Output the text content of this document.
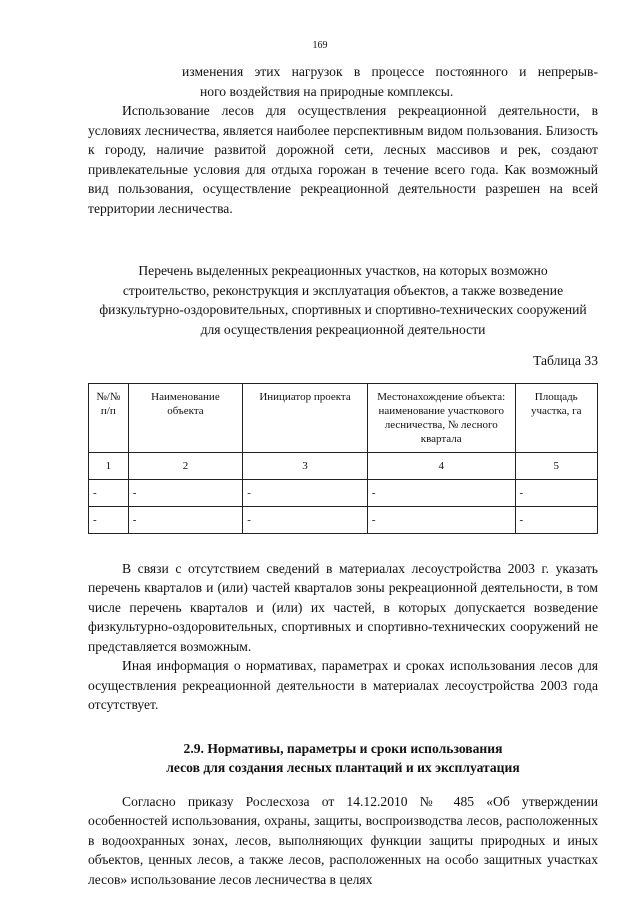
169

изменения этих нагрузок в процессе постоянного и непрерыв-
ного воздействия на природные комплексы.

Использование лесов для осуществления рекреационной деятельности, в условиях лесничества, является наиболее перспективным видом пользования. Близость к городу, наличие развитой дорожной сети, лесных массивов и рек, создают привлекательные условия для отдыха горожан в течение всего года. Как возможный вид пользования, осуществление рекреационной деятельности разрешен на всей территории лесничества.

Перечень выделенных рекреационных участков, на которых возможно строительство, реконструкция и эксплуатация объектов, а также возведение физкультурно-оздоровительных, спортивных и спортивно-технических сооружений для осуществления рекреационной деятельности

Таблица 33

№/№ п/п	Наименование объекта	Инициатор проекта	Местонахождение объекта: наименование участкового лесничества, № лесного квартала	Площадь участка, га
1	2	3	4	5
-	-	-	-	-
-	-	-	-	-

В связи с отсутствием сведений в материалах лесоустройства 2003 г. указать перечень кварталов и (или) частей кварталов зоны рекреационной деятельности, в том числе перечень кварталов и (или) их частей, в которых допускается возведение физкультурно-оздоровительных, спортивных и спортивно-технических сооружений не представляется возможным.

Иная информация о нормативах, параметрах и сроках использования лесов для осуществления рекреационной деятельности в материалах лесоустройства 2003 года отсутствует.

2.9. Нормативы, параметры и сроки использования
лесов для создания лесных плантаций и их эксплуатация

Согласно приказу Рослесхоза от 14.12.2010 № 485 «Об утверждении особенностей использования, охраны, защиты, воспроизводства лесов, расположенных в водоохранных зонах, лесов, выполняющих функции защиты природных и иных объектов, ценных лесов, а также лесов, расположенных на особо защитных участках лесов» использование лесов лесничества в целях
